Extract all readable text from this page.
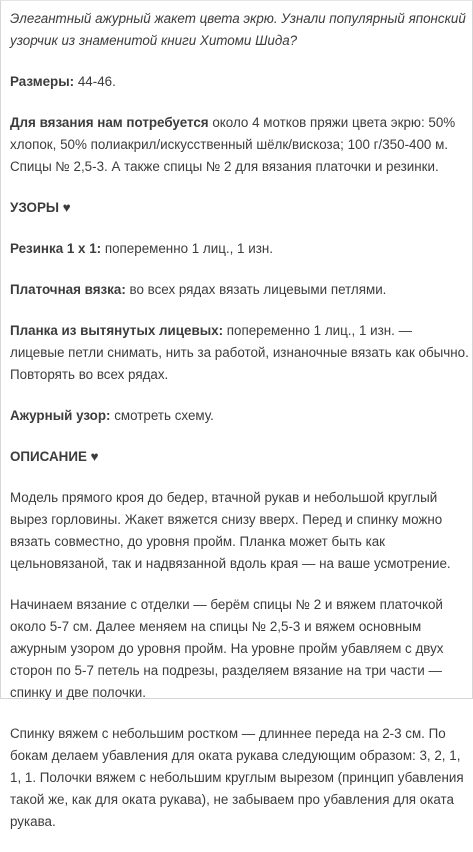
Элегантный ажурный жакет цвета экрю. Узнали популярный японский узорчик из знаменитой книги Хитоми Шида?

Размеры: 44-46.

Для вязания нам потребуется около 4 мотков пряжи цвета экрю: 50% хлопок, 50% полиакрил/искусственный шёлк/вискоза; 100 г/350-400 м. Спицы № 2,5-3. А также спицы № 2 для вязания платочки и резинки.

УЗОРЫ ♥

Резинка 1 х 1: попеременно 1 лиц., 1 изн.

Платочная вязка: во всех рядах вязать лицевыми петлями.

Планка из вытянутых лицевых: попеременно 1 лиц., 1 изн. — лицевые петли снимать, нить за работой, изнаночные вязать как обычно. Повторять во всех рядах.

Ажурный узор: смотреть схему.

ОПИСАНИЕ ♥

Модель прямого кроя до бедер, втачной рукав и небольшой круглый вырез горловины. Жакет вяжется снизу вверх. Перед и спинку можно вязать совместно, до уровня пройм. Планка может быть как цельновязаной, так и надвязанной вдоль края — на ваше усмотрение.

Начинаем вязание с отделки — берём спицы № 2 и вяжем платочкой около 5-7 см. Далее меняем на спицы № 2,5-3 и вяжем основным ажурным узором до уровня пройм. На уровне пройм убавляем с двух сторон по 5-7 петель на подрезы, разделяем вязание на три части — спинку и две полочки.

Спинку вяжем с небольшим ростком — длиннее переда на 2-3 см. По бокам делаем убавления для оката рукава следующим образом: 3, 2, 1, 1, 1. Полочки вяжем с небольшим круглым вырезом (принцип убавления такой же, как для оката рукава), не забываем про убавления для оката рукава.
